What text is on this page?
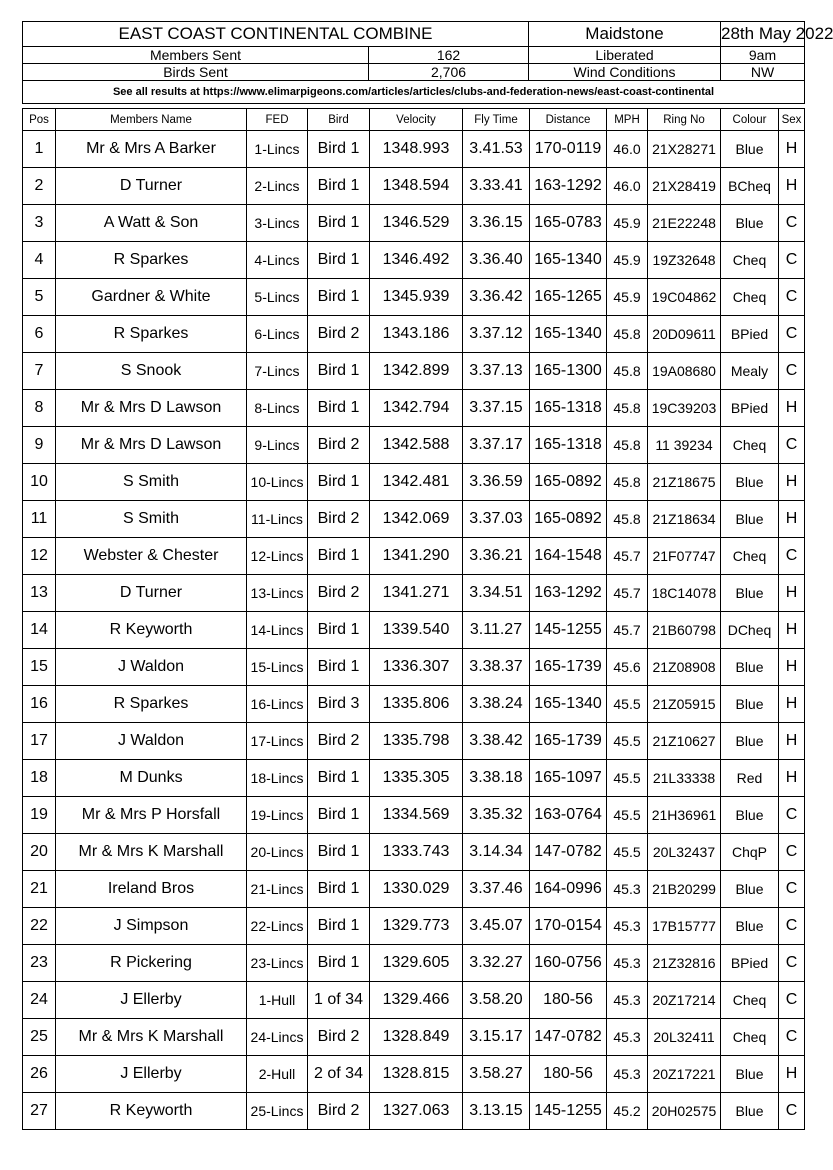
EAST COAST CONTINENTAL COMBINE		Maidstone	28th May 2022
Members Sent	162	Liberated	9am
Birds Sent	2,706	Wind Conditions	NW
See all results at https://www.elimarpigeons.com/articles/articles/clubs-and-federation-news/east-coast-continental			
Pos	Members Name	FED	Bird	Velocity	Fly Time	Distance	MPH	Ring No	Colour	Sex
1	Mr & Mrs A Barker	1-Lincs	Bird 1	1348.993	3.41.53	170-0119	46.0	21X28271	Blue	H
2	D Turner	2-Lincs	Bird 1	1348.594	3.33.41	163-1292	46.0	21X28419	BCheq	H
3	A Watt & Son	3-Lincs	Bird 1	1346.529	3.36.15	165-0783	45.9	21E22248	Blue	C
4	R Sparkes	4-Lincs	Bird 1	1346.492	3.36.40	165-1340	45.9	19Z32648	Cheq	C
5	Gardner & White	5-Lincs	Bird 1	1345.939	3.36.42	165-1265	45.9	19C04862	Cheq	C
6	R Sparkes	6-Lincs	Bird 2	1343.186	3.37.12	165-1340	45.8	20D09611	BPied	C
7	S Snook	7-Lincs	Bird 1	1342.899	3.37.13	165-1300	45.8	19A08680	Mealy	C
8	Mr & Mrs D Lawson	8-Lincs	Bird 1	1342.794	3.37.15	165-1318	45.8	19C39203	BPied	H
9	Mr & Mrs D Lawson	9-Lincs	Bird 2	1342.588	3.37.17	165-1318	45.8	11 39234	Cheq	C
10	S Smith	10-Lincs	Bird 1	1342.481	3.36.59	165-0892	45.8	21Z18675	Blue	H
11	S Smith	11-Lincs	Bird 2	1342.069	3.37.03	165-0892	45.8	21Z18634	Blue	H
12	Webster & Chester	12-Lincs	Bird 1	1341.290	3.36.21	164-1548	45.7	21F07747	Cheq	C
13	D Turner	13-Lincs	Bird 2	1341.271	3.34.51	163-1292	45.7	18C14078	Blue	H
14	R Keyworth	14-Lincs	Bird 1	1339.540	3.11.27	145-1255	45.7	21B60798	DCheq	H
15	J Waldon	15-Lincs	Bird 1	1336.307	3.38.37	165-1739	45.6	21Z08908	Blue	H
16	R Sparkes	16-Lincs	Bird 3	1335.806	3.38.24	165-1340	45.5	21Z05915	Blue	H
17	J Waldon	17-Lincs	Bird 2	1335.798	3.38.42	165-1739	45.5	21Z10627	Blue	H
18	M Dunks	18-Lincs	Bird 1	1335.305	3.38.18	165-1097	45.5	21L33338	Red	H
19	Mr & Mrs P Horsfall	19-Lincs	Bird 1	1334.569	3.35.32	163-0764	45.5	21H36961	Blue	C
20	Mr & Mrs K Marshall	20-Lincs	Bird 1	1333.743	3.14.34	147-0782	45.5	20L32437	ChqP	C
21	Ireland Bros	21-Lincs	Bird 1	1330.029	3.37.46	164-0996	45.3	21B20299	Blue	C
22	J Simpson	22-Lincs	Bird 1	1329.773	3.45.07	170-0154	45.3	17B15777	Blue	C
23	R Pickering	23-Lincs	Bird 1	1329.605	3.32.27	160-0756	45.3	21Z32816	BPied	C
24	J Ellerby	1-Hull	1 of 34	1329.466	3.58.20	180-56	45.3	20Z17214	Cheq	C
25	Mr & Mrs K Marshall	24-Lincs	Bird 2	1328.849	3.15.17	147-0782	45.3	20L32411	Cheq	C
26	J Ellerby	2-Hull	2 of 34	1328.815	3.58.27	180-56	45.3	20Z17221	Blue	H
27	R Keyworth	25-Lincs	Bird 2	1327.063	3.13.15	145-1255	45.2	20H02575	Blue	C
